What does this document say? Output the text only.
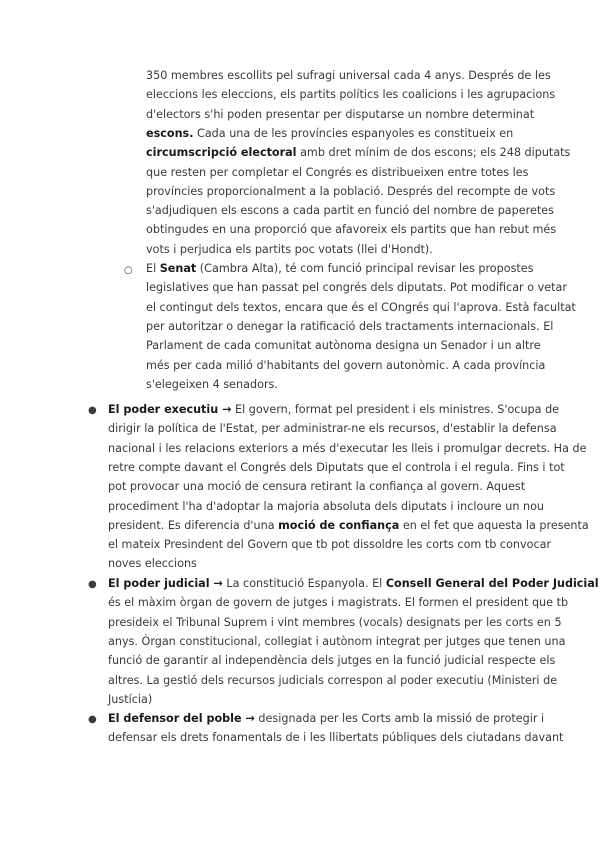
350 membres escollits pel sufragi universal cada 4 anys. Després de les
eleccions les eleccions, els partits polítics les coalicions i les agrupacions
d'electors s'hi poden presentar per disputarse un nombre determinat
escons. Cada una de les províncies espanyoles es constitueix en
circumscripció electoral amb dret mínim de dos escons; els 248 diputats
que resten per completar el Congrés es distribueixen entre totes les
províncies proporcionalment a la població. Després del recompte de vots
s'adjudiquen els escons a cada partit en funció del nombre de paperetes
obtingudes en una proporció que afavoreix els partits que han rebut més
vots i perjudica els partits poc votats (llei d'Hondt).
○ El Senat (Cambra Alta), té com funció principal revisar les propostes
legislatives que han passat pel congrés dels diputats. Pot modificar o vetar
el contingut dels textos, encara que és el COngrés qui l'aprova. Està facultat
per autoritzar o denegar la ratificació dels tractaments internacionals. El
Parlament de cada comunitat autònoma designa un Senador i un altre
més per cada milió d'habitants del govern autonòmic. A cada província
s'elegeixen 4 senadors.
● El poder executiu → El govern, format pel president i els ministres. S'ocupa de
dirigir la política de l'Estat, per administrar-ne els recursos, d'establir la defensa
nacional i les relacions exteriors a més d'executar les lleis i promulgar decrets. Ha de
retre compte davant el Congrés dels Diputats que el controla i el regula. Fins i tot
pot provocar una moció de censura retirant la confiança al govern. Aquest
procediment l'ha d'adoptar la majoria absoluta dels diputats i incloure un nou
president. Es diferencia d'una moció de confiança en el fet que aquesta la presenta
el mateix Presindent del Govern que tb pot dissoldre les corts com tb convocar
noves eleccions
● El poder judicial → La constitució Espanyola. El Consell General del Poder Judicial
és el màxim òrgan de govern de jutges i magistrats. El formen el president que tb
presideix el Tribunal Suprem i vint membres (vocals) designats per les corts en 5
anys. Òrgan constitucional, collegiat i autònom integrat per jutges que tenen una
funció de garantir al independència dels jutges en la funció judicial respecte els
altres. La gestió dels recursos judicials correspon al poder executiu (Ministeri de
Justícia)
● El defensor del poble → designada per les Corts amb la missió de protegir i
defensar els drets fonamentals de i les llibertats públiques dels ciutadans davant
